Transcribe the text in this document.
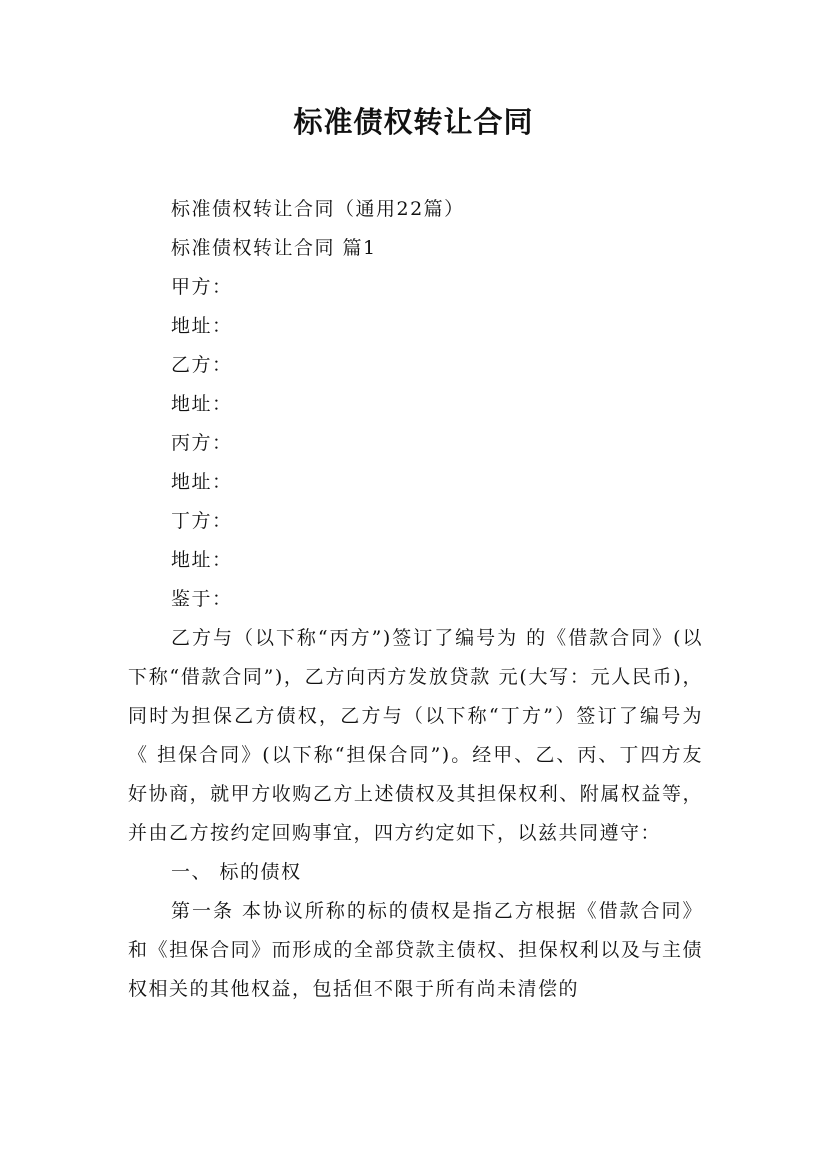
标准债权转让合同
标准债权转让合同（通用22篇）
标准债权转让合同 篇1
甲方：
地址：
乙方：
地址：
丙方：
地址：
丁方：
地址：
鉴于：
乙方与（以下称“丙方”)签订了编号为 的《借款合同》(以下称“借款合同”)，乙方向丙方发放贷款 元(大写：元人民币)，同时为担保乙方债权，乙方与（以下称“丁方”）签订了编号为 《 担保合同》(以下称“担保合同”)。经甲、乙、丙、丁四方友好协商，就甲方收购乙方上述债权及其担保权利、附属权益等，并由乙方按约定回购事宜，四方约定如下，以兹共同遵守：
一、 标的债权
第一条 本协议所称的标的债权是指乙方根据《借款合同》和《担保合同》而形成的全部贷款主债权、担保权利以及与主债权相关的其他权益，包括但不限于所有尚未清偿的
